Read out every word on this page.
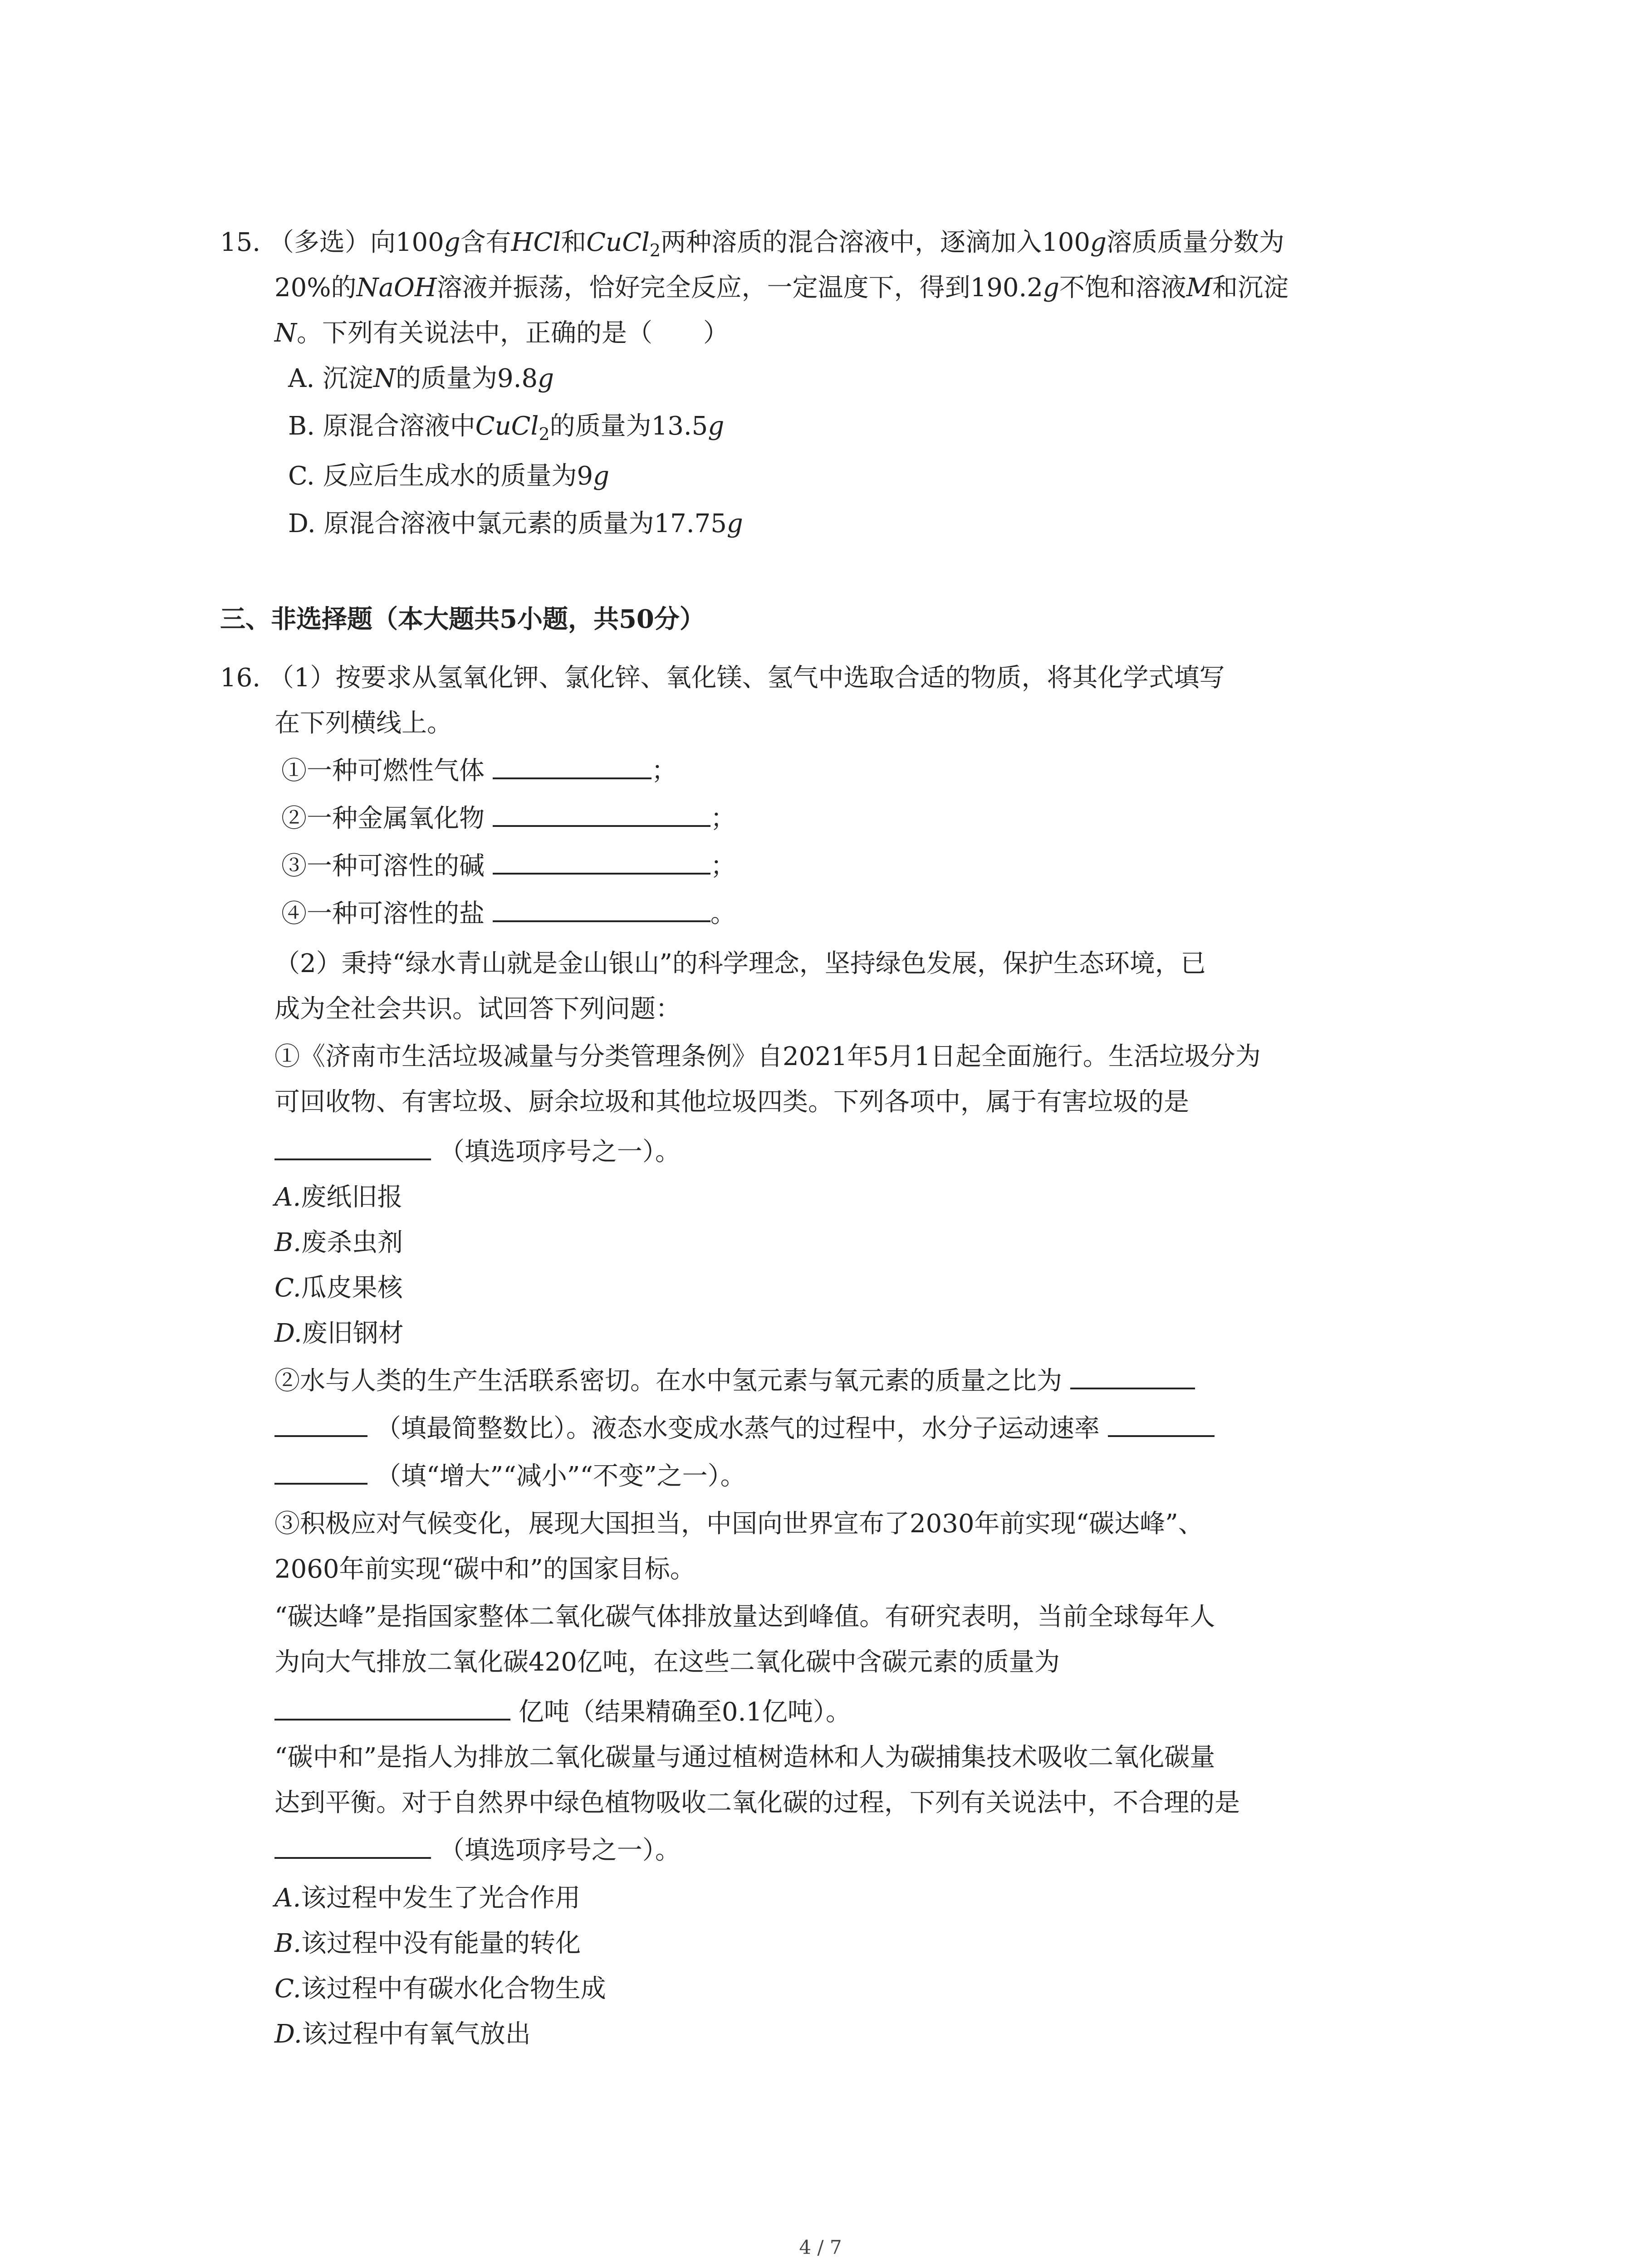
15. （多选）向100g含有HCl和CuCl$_2$两种溶质的混合溶液中，逐滴加入100g溶质质量分数为
20%的NaOH溶液并振荡，恰好完全反应，一定温度下，得到190.2g不饱和溶液M和沉淀
N。下列有关说法中，正确的是（　　）
A. 沉淀N的质量为9.8g
B. 原混合溶液中CuCl$_2$的质量为13.5g
C. 反应后生成水的质量为9g
D. 原混合溶液中氯元素的质量为17.75g
三、非选择题（本大题共5小题，共50分）
16. （1）按要求从氢氧化钾、氯化锌、氧化镁、氢气中选取合适的物质，将其化学式填写
在下列横线上。
①一种可燃性气体	；
②一种金属氧化物	；
③一种可溶性的碱	；
④一种可溶性的盐	。
（2）秉持“绿水青山就是金山银山”的科学理念，坚持绿色发展，保护生态环境，已
成为全社会共识。试回答下列问题：
①《济南市生活垃圾减量与分类管理条例》自2021年5月1日起全面施行。生活垃圾分为
可回收物、有害垃圾、厨余垃圾和其他垃圾四类。下列各项中，属于有害垃圾的是
（填选项序号之一）。
A.废纸旧报
B.废杀虫剂
C.瓜皮果核
D.废旧钢材
②水与人类的生产生活联系密切。在水中氢元素与氧元素的质量之比为
（填最简整数比）。液态水变成水蒸气的过程中，水分子运动速率
（填“增大”“减小”“不变”之一）。
③积极应对气候变化，展现大国担当，中国向世界宣布了2030年前实现“碳达峰”、
2060年前实现“碳中和”的国家目标。
“碳达峰”是指国家整体二氧化碳气体排放量达到峰值。有研究表明，当前全球每年人
为向大气排放二氧化碳420亿吨，在这些二氧化碳中含碳元素的质量为
亿吨（结果精确至0.1亿吨）。
“碳中和”是指人为排放二氧化碳量与通过植树造林和人为碳捕集技术吸收二氧化碳量
达到平衡。对于自然界中绿色植物吸收二氧化碳的过程，下列有关说法中，不合理的是
（填选项序号之一）。
A.该过程中发生了光合作用
B.该过程中没有能量的转化
C.该过程中有碳水化合物生成
D.该过程中有氧气放出
4 / 7
